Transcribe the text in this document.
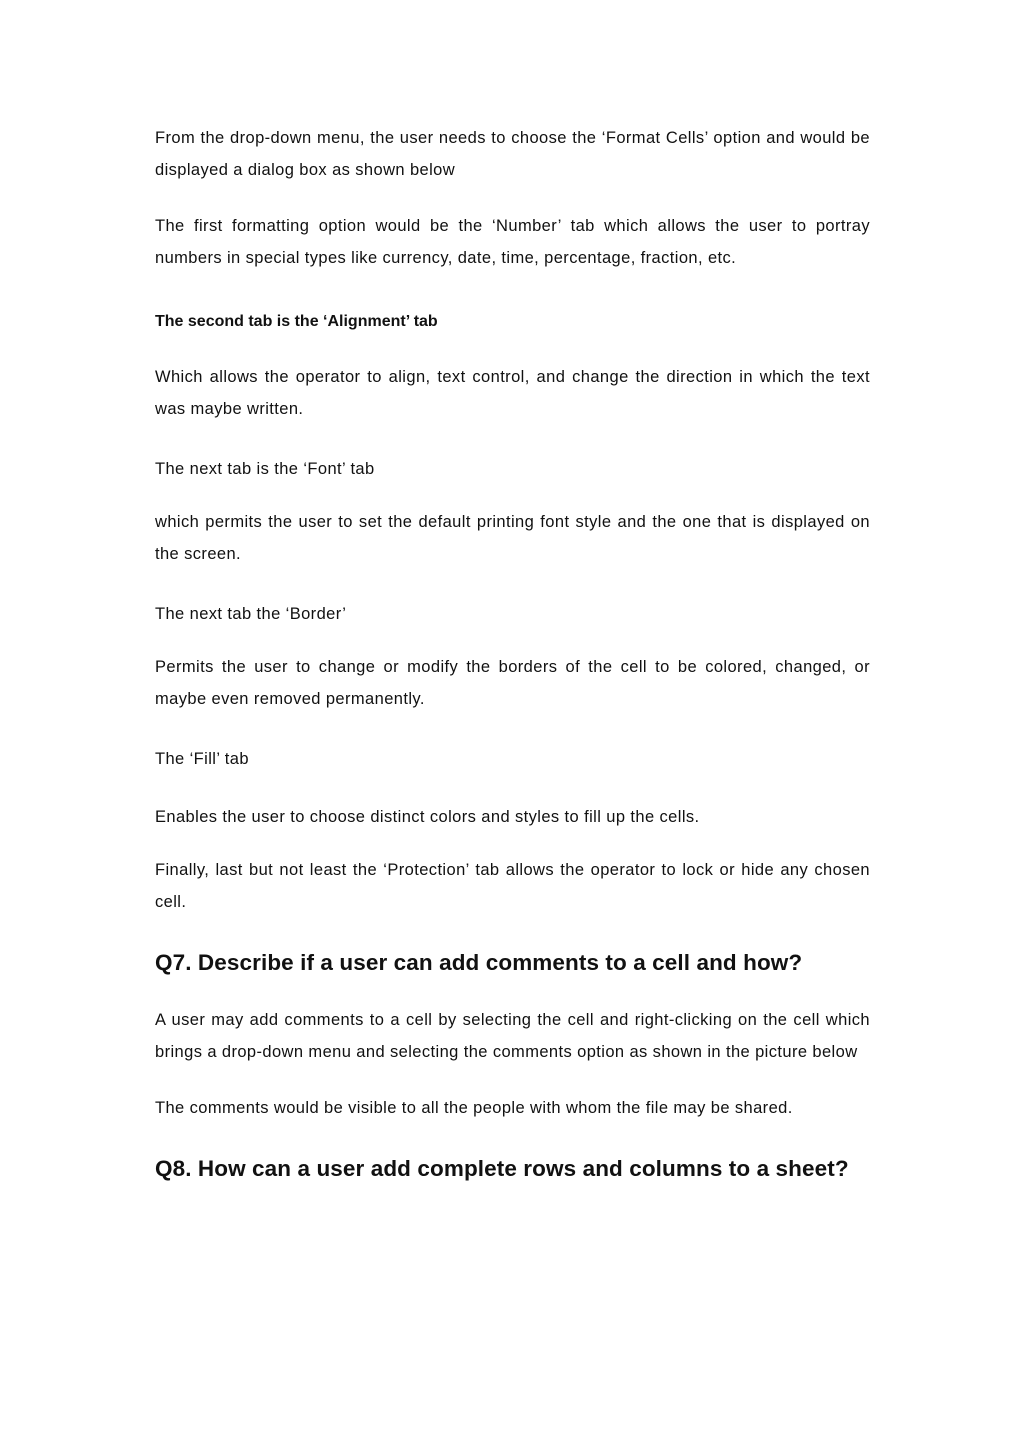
From the drop-down menu, the user needs to choose the ‘Format Cells’ option and would be displayed a dialog box as shown below

The first formatting option would be the ‘Number’ tab which allows the user to portray numbers in special types like currency, date, time, percentage, fraction, etc.

The second tab is the ‘Alignment’ tab

Which allows the operator to align, text control, and change the direction in which the text was maybe written.

The next tab is the ‘Font’ tab

which permits the user to set the default printing font style and the one that is displayed on the screen.

The next tab the ‘Border’

Permits the user to change or modify the borders of the cell to be colored, changed, or maybe even removed permanently.

The ‘Fill’ tab

Enables the user to choose distinct colors and styles to fill up the cells.

Finally, last but not least the ‘Protection’ tab allows the operator to lock or hide any chosen cell.

Q7. Describe if a user can add comments to a cell and how?

A user may add comments to a cell by selecting the cell and right-clicking on the cell which brings a drop-down menu and selecting the comments option as shown in the picture below

The comments would be visible to all the people with whom the file may be shared.

Q8. How can a user add complete rows and columns to a sheet?
